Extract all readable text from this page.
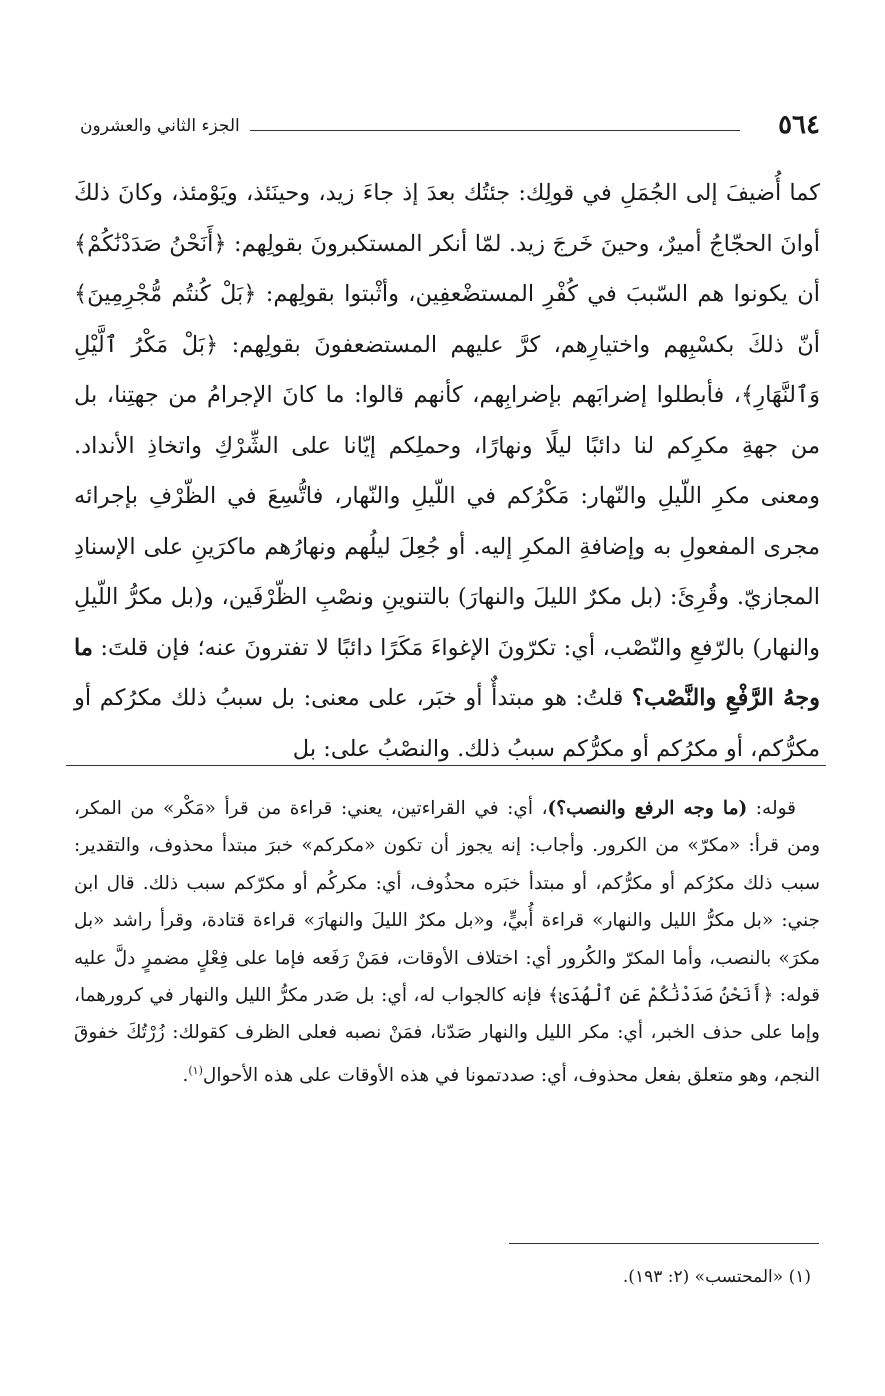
٥٦٤
الجزء الثاني والعشرون

كما أُضيفَ إلى الجُمَلِ في قولِك: جئتُك بعدَ إذ جاءَ زيد، وحينَئذ، ويَوْمئذ، وكانَ ذلكَ أوانَ الحجّاجُ أميرٌ، وحينَ خَرجَ زيد. لمّا أنكر المستكبرونَ بقولِهم: ﴿أَنَحْنُ صَدَدْنَٰكُمْ﴾ أن يكونوا هم السّببَ في كُفْرِ المستضْعفِين، وأثْبتوا بقولِهم: ﴿بَلْ كُنتُم مُّجْرِمِينَ﴾ أنّ ذلكَ بكسْبِهم واختيارِهم، كرَّ عليهم المستضعفونَ بقولِهم: ﴿بَلْ مَكْرُ ٱلَّيْلِ وَٱلنَّهَارِ﴾، فأبطلوا إضرابَهم بإضرابِهم، كأنهم قالوا: ما كانَ الإجرامُ من جهتِنا، بل من جهةِ مكرِكم لنا دائبًا ليلًا ونهارًا، وحملِكم إيّانا على الشِّرْكِ واتخاذِ الأنداد. ومعنى مكرِ اللّيلِ والنّهار: مَكْرُكم في اللّيلِ والنّهار، فاتُّسِعَ في الظّرْفِ بإجرائه مجرى المفعولِ به وإضافةِ المكرِ إليه. أو جُعِلَ ليلُهم ونهارُهم ماكرَينِ على الإسنادِ المجازيّ. وقُرِئَ: (بل مكرٌ الليلَ والنهارَ) بالتنوينِ ونصْبِ الظّرْفَين، و(بل مكرُّ اللّيلِ والنهار) بالرّفعِ والنّصْب، أي: تكرّونَ الإغواءَ مَكَرًا دائبًا لا تفترونَ عنه؛ فإن قلتَ: ما وجهُ الرَّفْعِ والنَّصْب؟ قلتُ: هو مبتدأٌ أو خبَر، على معنى: بل سببُ ذلك مكرُكم أو مكرُّكم، أو مكرُكم أو مكرُّكم سببُ ذلك. والنصْبُ على: بل

قوله: (ما وجه الرفع والنصب؟)، أي: في القراءتين، يعني: قراءة من قرأ «مَكْر» من المكر، ومن قرأ: «مكرّ» من الكرور. وأجاب: إنه يجوز أن تكون «مكركم» خبرَ مبتدأ محذوف، والتقدير: سبب ذلك مكرُكم أو مكرُّكم، أو مبتدأ خبَره محذُوف، أي: مكركُم أو مكرّكم سبب ذلك. قال ابن جني: «بل مكرُّ الليل والنهار» قراءة أُبيٍّ، و«بل مكرٌ الليلَ والنهارَ» قراءة قتادة، وقرأ راشد «بل مكرَ» بالنصب، وأما المكرّ والكُرور أي: اختلاف الأوقات، فمَنْ رَفَعه فإما على فِعْلٍ مضمرٍ دلَّ عليه قوله: ﴿أَنَحْنُ صَدَدْنَٰكُمْ عَنِ ٱلْهُدَىٰ﴾ فإنه كالجواب له، أي: بل صَدر مكرُّ الليل والنهار في كرورهما، وإما على حذف الخبر، أي: مكر الليل والنهار صَدّنا، فمَنْ نصبه فعلى الظرف كقولك: زُرْتُكَ خفوقَ النجم، وهو متعلق بفعل محذوف، أي: صددتمونا في هذه الأوقات على هذه الأحوال$^{(١)}$.

(١) «المحتسب» (٢: ١٩٣).
